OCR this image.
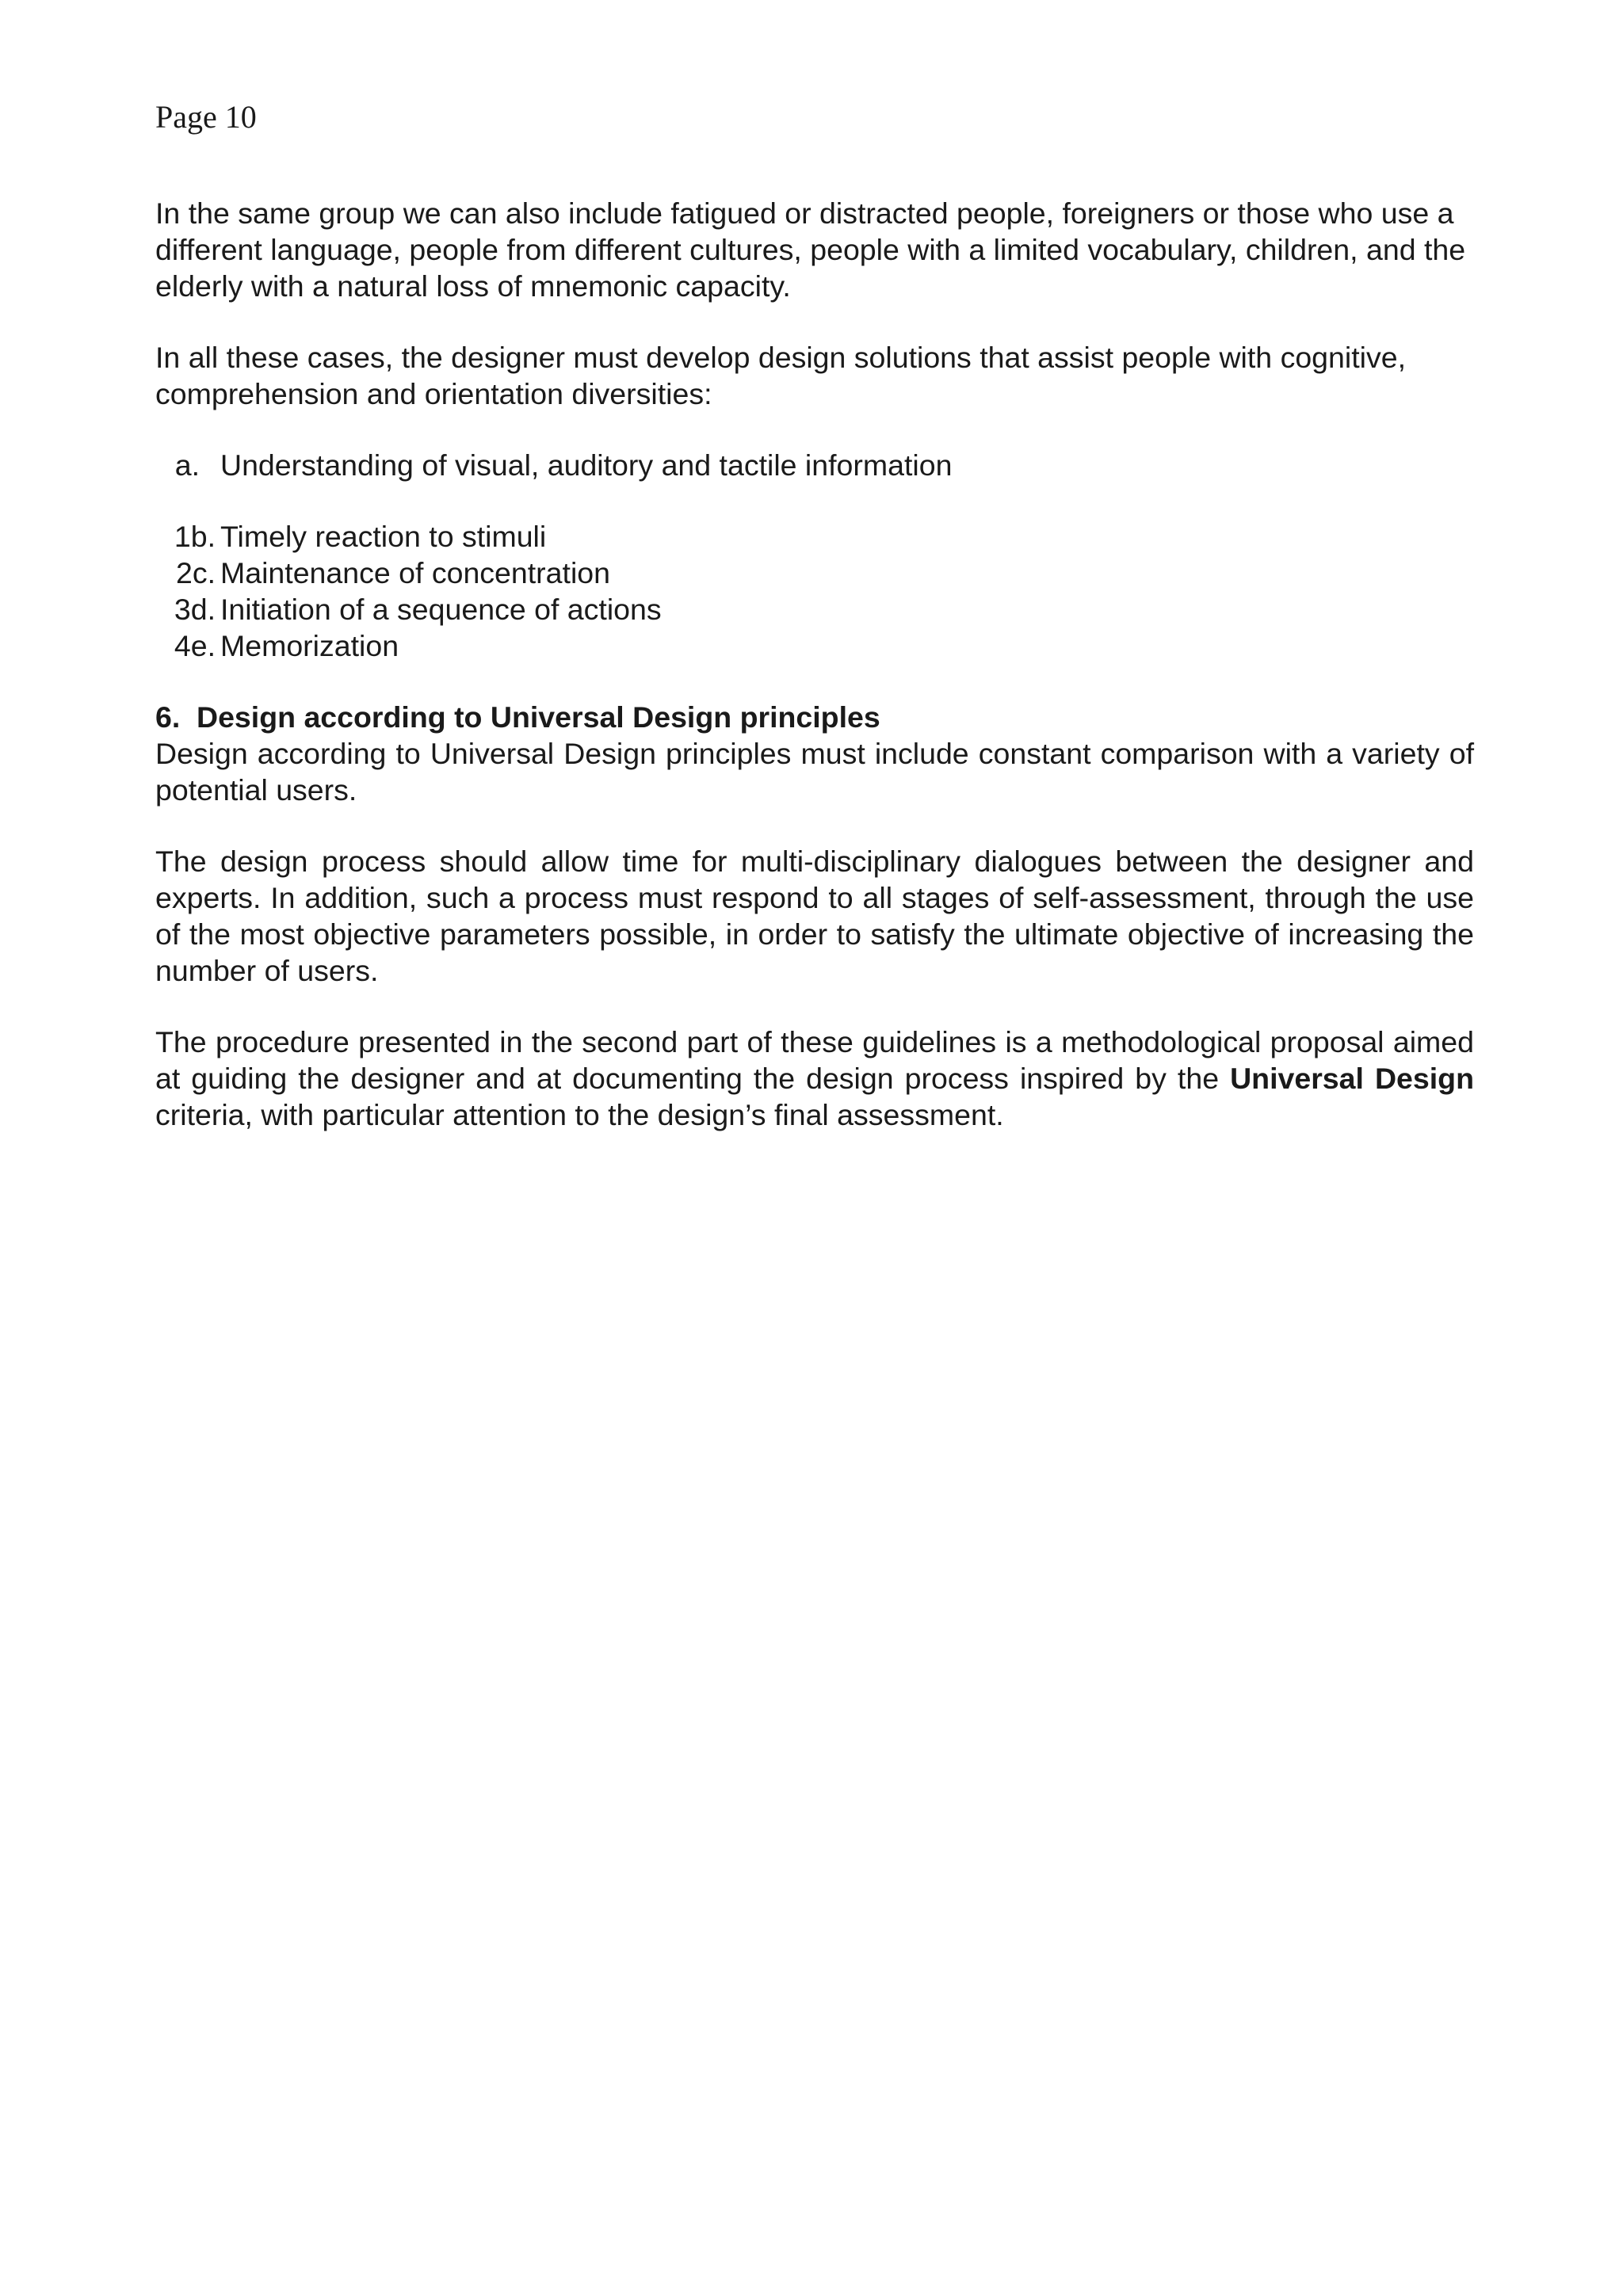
Page 10

In the same group we can also include fatigued or distracted people, foreigners or those who use a different language, people from different cultures, people with a limited vocabulary, children, and the elderly with a natural loss of mnemonic capacity.

In all these cases, the designer must develop design solutions that assist people with cognitive, comprehension and orientation diversities:

a. Understanding of visual, auditory and tactile information
1b. Timely reaction to stimuli
2c. Maintenance of concentration
3d. Initiation of a sequence of actions
4e. Memorization

6. Design according to Universal Design principles

Design according to Universal Design principles must include constant comparison with a variety of potential users.

The design process should allow time for multi-disciplinary dialogues between the designer and experts. In addition, such a process must respond to all stages of self-assessment, through the use of the most objective parameters possible, in order to satisfy the ultimate objective of increasing the number of users.

The procedure presented in the second part of these guidelines is a methodological proposal aimed at guiding the designer and at documenting the design process inspired by the Universal Design criteria, with particular attention to the design’s final assessment.
